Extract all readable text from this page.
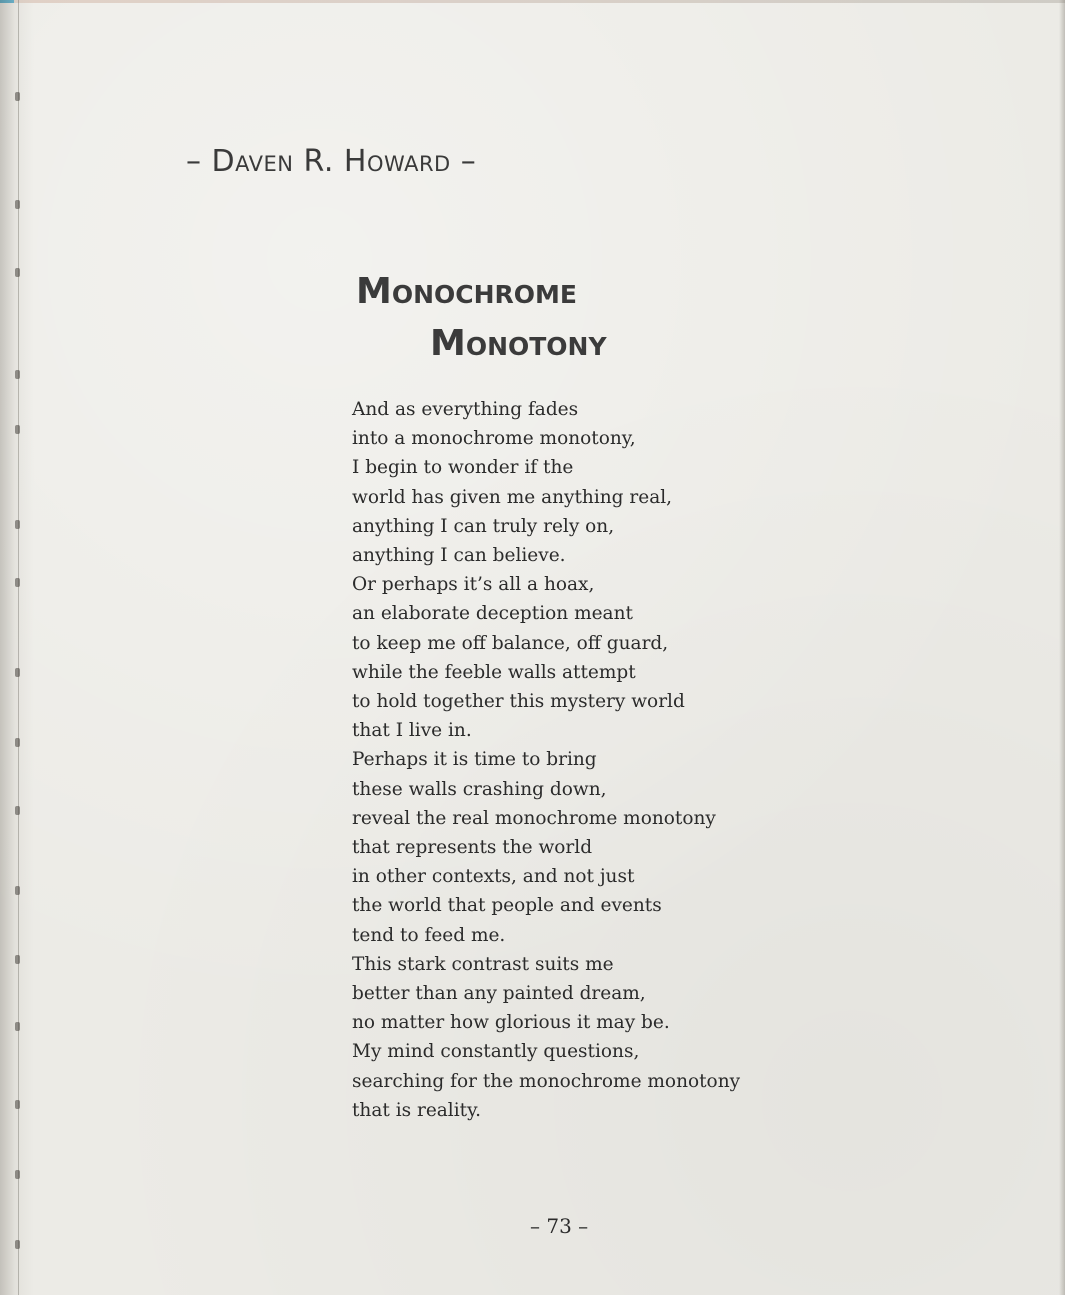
– Daven R. Howard –
Monochrome
Monotony
And as everything fades
into a monochrome monotony,
I begin to wonder if the
world has given me anything real,
anything I can truly rely on,
anything I can believe.
Or perhaps it’s all a hoax,
an elaborate deception meant
to keep me off balance, off guard,
while the feeble walls attempt
to hold together this mystery world
that I live in.
Perhaps it is time to bring
these walls crashing down,
reveal the real monochrome monotony
that represents the world
in other contexts, and not just
the world that people and events
tend to feed me.
This stark contrast suits me
better than any painted dream,
no matter how glorious it may be.
My mind constantly questions,
searching for the monochrome monotony
that is reality.
– 73 –
